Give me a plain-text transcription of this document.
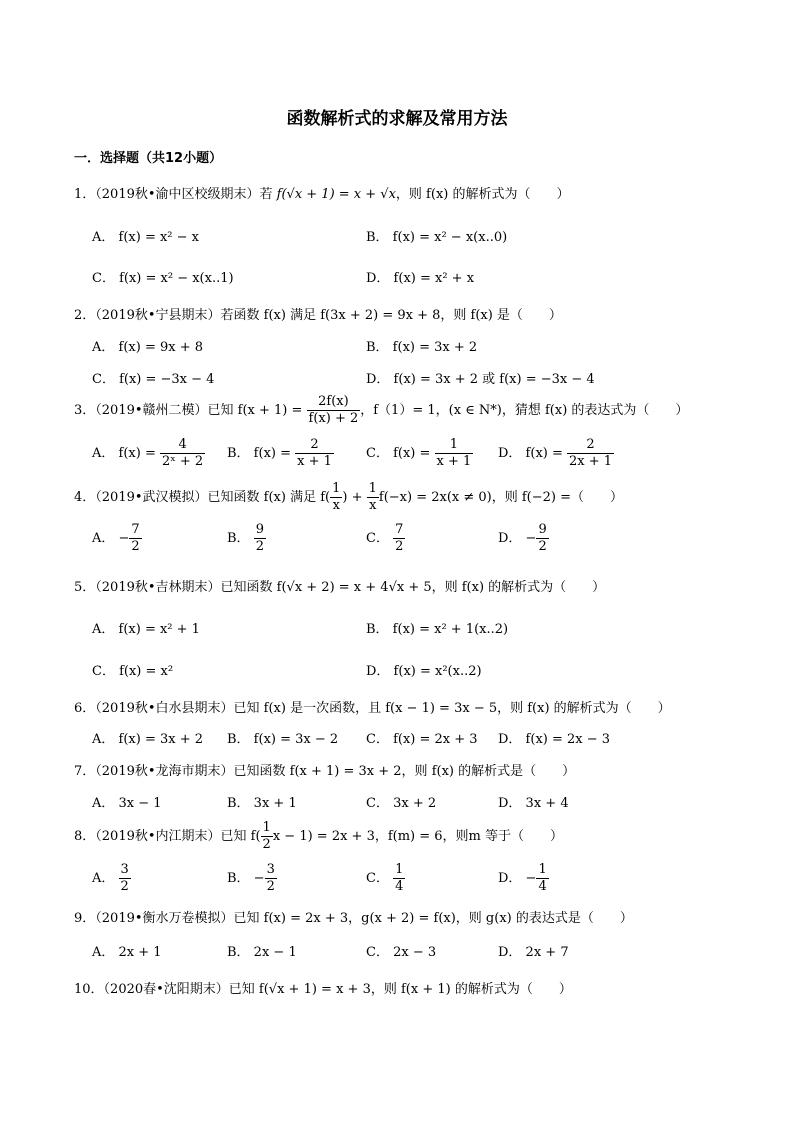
函数解析式的求解及常用方法
一．选择题（共12小题）
1．（2019秋•渝中区校级期末）若 f(√x + 1) = x + √x，则 f(x) 的解析式为（　　）
A． f(x) = x² − x	B． f(x) = x² − x(x..0)
C． f(x) = x² − x(x..1)	D． f(x) = x² + x
2．（2019秋•宁县期末）若函数 f(x) 满足 f(3x + 2) = 9x + 8，则 f(x) 是（　　）
A． f(x) = 9x + 8	B． f(x) = 3x + 2
C． f(x) = −3x − 4	D． f(x) = 3x + 2 或 f(x) = −3x − 4
3．（2019•赣州二模）已知 $f(x + 1) = \frac{2f(x)}{f(x) + 2}$ ，f（1）= 1，(x ∈ N*)，猜想 f(x) 的表达式为（　　）
A． $f(x) = \frac{4}{\text{2ˣ + 2}}$ B． $f(x) = \frac{2}{x + 1}$ C． $f(x) = \frac{1}{x + 1}$ D． $f(x) = \frac{2}{2x + 1}$
4．（2019•武汉模拟）已知函数 f(x) 满足 $f( \frac{1}{x}$ ) + $\frac{1}{x} f(-x) = 2x(x \ne 0)$，则 f(−2) =（　　）
A． − $\frac{7}{2}$	B． $\frac{9}{2}$	C． $\frac{7}{2}$	D． − $\frac{9}{2}$
5．（2019秋•吉林期末）已知函数 f(√x + 2) = x + 4√x + 5，则 f(x) 的解析式为（　　）
A． f(x) = x² + 1	B． f(x) = x² + 1(x..2)
C． f(x) = x²	D． f(x) = x²(x..2)
6．（2019秋•白水县期末）已知 f(x) 是一次函数，且 f(x − 1) = 3x − 5，则 f(x) 的解析式为（　　）
A． f(x) = 3x + 2 B． f(x) = 3x − 2 C． f(x) = 2x + 3 D． f(x) = 2x − 3
7．（2019秋•龙海市期末）已知函数 f(x + 1) = 3x + 2，则 f(x) 的解析式是（　　）
A． 3x − 1	B． 3x + 1	C． 3x + 2	D． 3x + 4
8．（2019秋•内江期末）已知 $f( \frac{1}{2}$ x − 1) = 2x + 3，f(m) = 6，则m 等于（　　）
A． $\frac{3}{2}$	B． − $\frac{3}{2}$	C． $\frac{1}{4}$	D． − $\frac{1}{4}$
9．（2019•衡水万卷模拟）已知 f(x) = 2x + 3，g(x + 2) = f(x)，则 g(x) 的表达式是（　　）
A． 2x + 1	B． 2x − 1	C． 2x − 3	D． 2x + 7
10．（2020春•沈阳期末）已知 f(√x + 1) = x + 3，则 f(x + 1) 的解析式为（　　）
